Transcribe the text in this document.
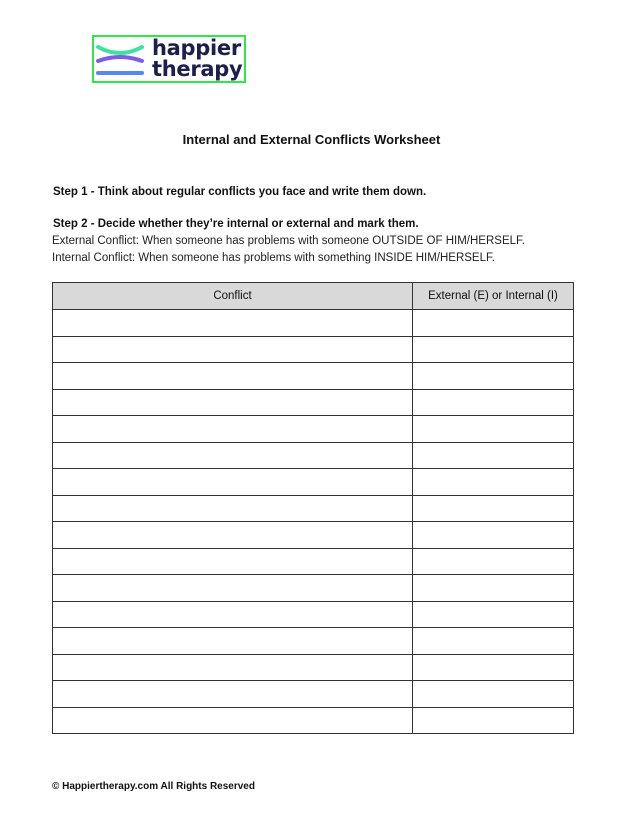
happier
therapy
Internal and External Conflicts Worksheet
Step 1 - Think about regular conflicts you face and write them down.
Step 2 - Decide whether they’re internal or external and mark them.
External Conflict: When someone has problems with someone OUTSIDE OF HIM/HERSELF.
Internal Conflict: When someone has problems with something INSIDE HIM/HERSELF.
Conflict	External (E) or Internal (I)

© Happiertherapy.com All Rights Reserved
